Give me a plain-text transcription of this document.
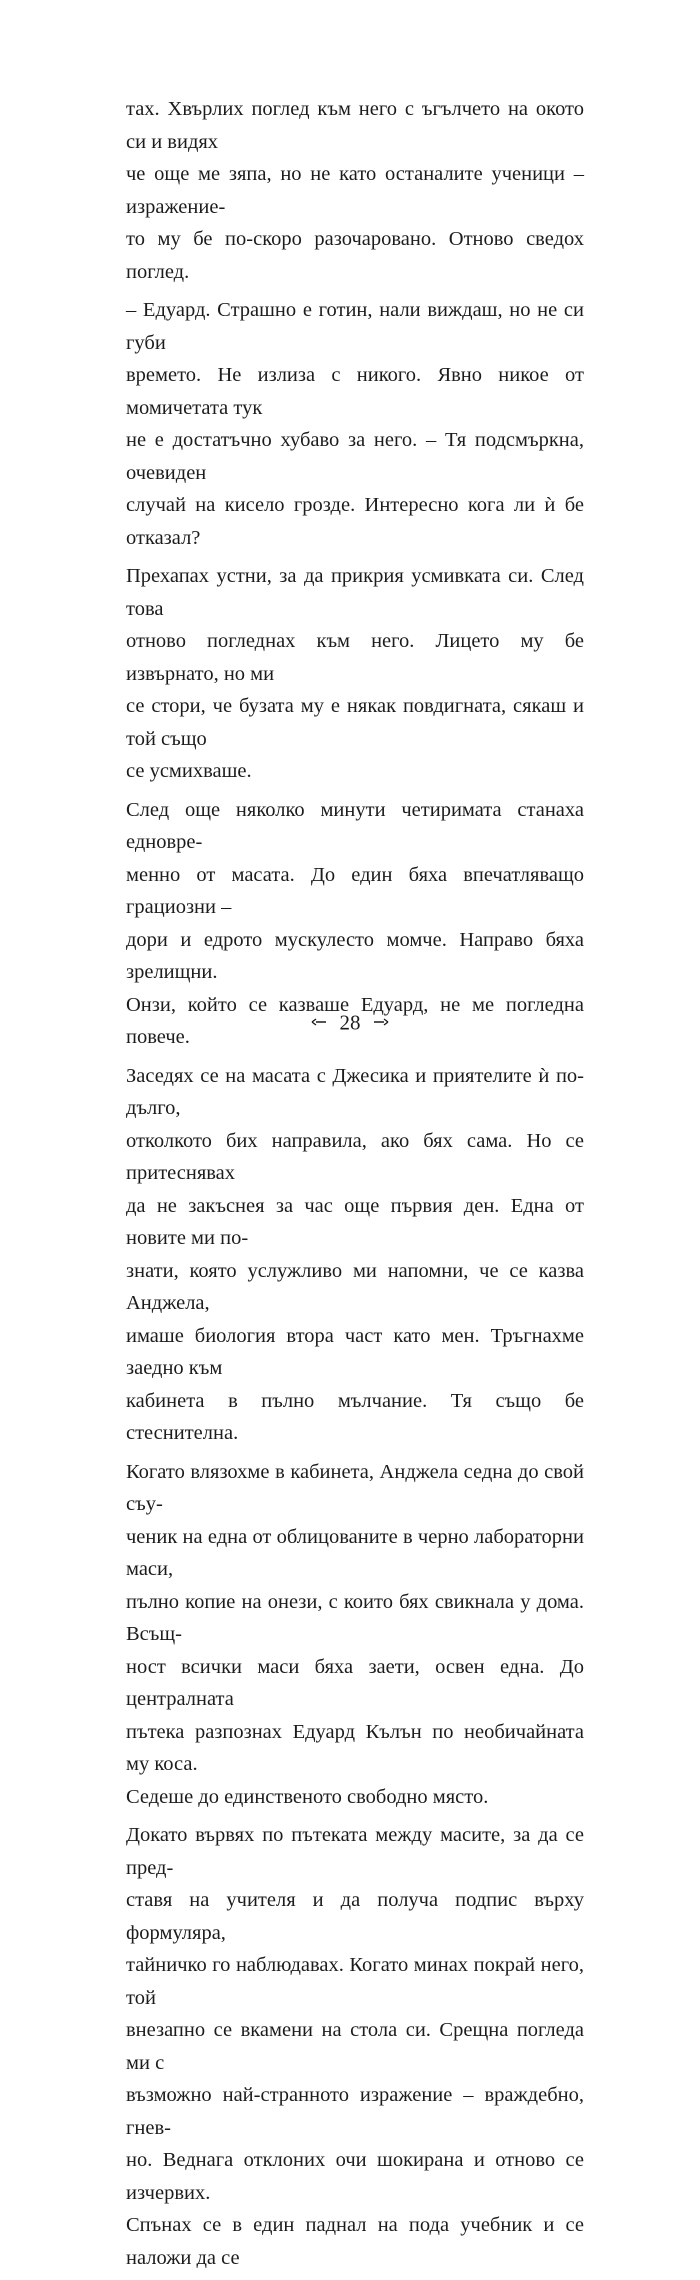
тах. Хвърлих поглед към него с ъгълчето на окото си и видях
че още ме зяпа, но не като останалите ученици – изражение-
то му бе по-скоро разочаровано. Отново сведох поглед.

– Едуард. Страшно е готин, нали виждаш, но не си губи
времето. Не излиза с никого. Явно никое от момичетата тук
не е достатъчно хубаво за него. – Тя подсмъркна, очевиден
случай на кисело грозде. Интересно кога ли ѝ бе отказал?

Прехапах устни, за да прикрия усмивката си. След това
отново погледнах към него. Лицето му бе извърнато, но ми
се стори, че бузата му е някак повдигната, сякаш и той също
се усмихваше.

След още няколко минути четиримата станаха едновре-
менно от масата. До един бяха впечатляващо грациозни –
дори и едрото мускулесто момче. Направо бяха зрелищни.
Онзи, който се казваше Едуард, не ме погледна повече.

Заседях се на масата с Джесика и приятелите ѝ по-дълго,
отколкото бих направила, ако бях сама. Но се притеснявах
да не закъснея за час още първия ден. Една от новите ми по-
знати, която услужливо ми напомни, че се казва Анджела,
имаше биология втора част като мен. Тръгнахме заедно към
кабинета в пълно мълчание. Тя също бе стеснителна.

Когато влязохме в кабинета, Анджела седна до свой съу-
ченик на една от облицованите в черно лабораторни маси,
пълно копие на онези, с които бях свикнала у дома. Всъщ-
ност всички маси бяха заети, освен една. До централната
пътека разпознах Едуард Кълън по необичайната му коса.
Седеше до единственото свободно място.

Докато вървях по пътеката между масите, за да се пред-
ставя на учителя и да получа подпис върху формуляра,
тайничко го наблюдавах. Когато минах покрай него, той
внезапно се вкамени на стола си. Срещна погледа ми с
възможно най-странното изражение – враждебно, гнев-
но. Веднага отклоних очи шокирана и отново се изчервих.
Спънах се в един паднал на пода учебник и се наложи да се

28
